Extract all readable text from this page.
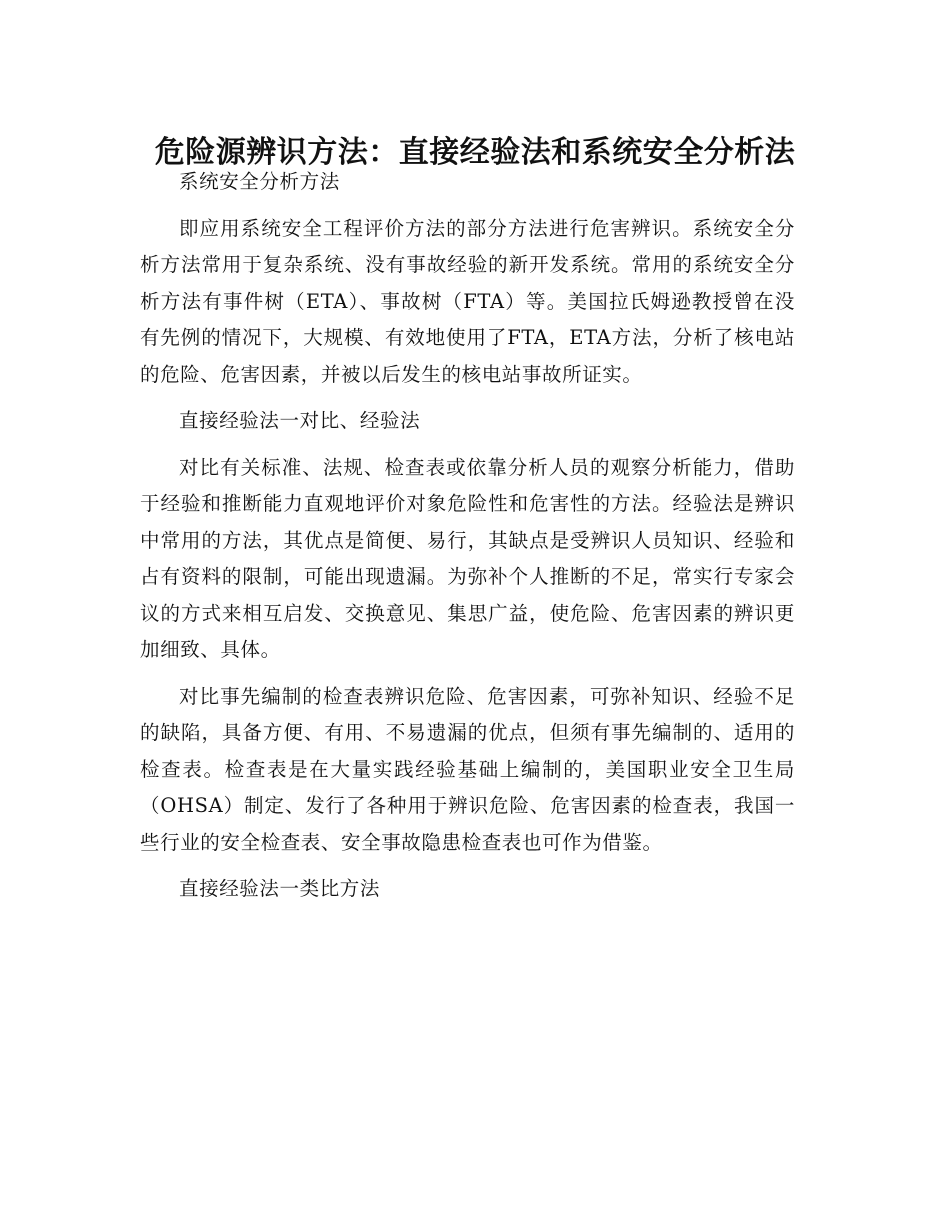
危险源辨识方法：直接经验法和系统安全分析法

系统安全分析方法

即应用系统安全工程评价方法的部分方法进行危害辨识。系统安全分析方法常用于复杂系统、没有事故经验的新开发系统。常用的系统安全分析方法有事件树（ETA）、事故树（FTA）等。美国拉氏姆逊教授曾在没有先例的情况下，大规模、有效地使用了FTA，ETA方法，分析了核电站的危险、危害因素，并被以后发生的核电站事故所证实。

直接经验法一对比、经验法

对比有关标准、法规、检查表或依靠分析人员的观察分析能力，借助于经验和推断能力直观地评价对象危险性和危害性的方法。经验法是辨识中常用的方法，其优点是简便、易行，其缺点是受辨识人员知识、经验和占有资料的限制，可能出现遗漏。为弥补个人推断的不足，常实行专家会议的方式来相互启发、交换意见、集思广益，使危险、危害因素的辨识更加细致、具体。

对比事先编制的检查表辨识危险、危害因素，可弥补知识、经验不足的缺陷，具备方便、有用、不易遗漏的优点，但须有事先编制的、适用的检查表。检查表是在大量实践经验基础上编制的，美国职业安全卫生局（OHSA）制定、发行了各种用于辨识危险、危害因素的检查表，我国一些行业的安全检查表、安全事故隐患检查表也可作为借鉴。

直接经验法一类比方法
